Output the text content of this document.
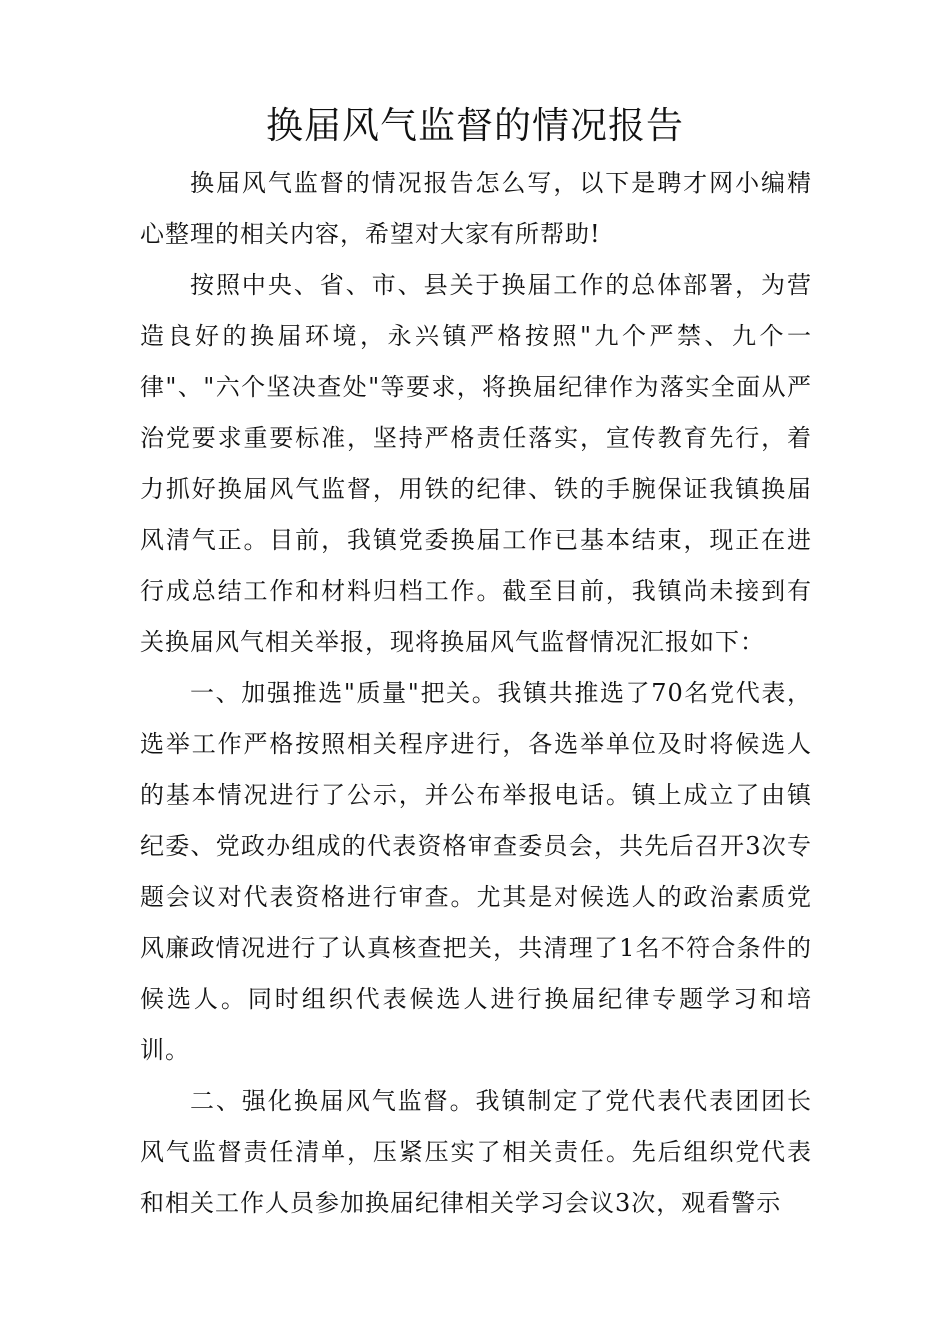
换届风气监督的情况报告

换届风气监督的情况报告怎么写，以下是聘才网小编精心整理的相关内容，希望对大家有所帮助!

按照中央、省、市、县关于换届工作的总体部署，为营造良好的换届环境，永兴镇严格按照"九个严禁、九个一律"、"六个坚决查处"等要求，将换届纪律作为落实全面从严治党要求重要标准，坚持严格责任落实，宣传教育先行，着力抓好换届风气监督，用铁的纪律、铁的手腕保证我镇换届风清气正。目前，我镇党委换届工作已基本结束，现正在进行成总结工作和材料归档工作。截至目前，我镇尚未接到有关换届风气相关举报，现将换届风气监督情况汇报如下：

一、加强推选"质量"把关。我镇共推选了70名党代表，选举工作严格按照相关程序进行，各选举单位及时将候选人的基本情况进行了公示，并公布举报电话。镇上成立了由镇纪委、党政办组成的代表资格审查委员会，共先后召开3次专题会议对代表资格进行审查。尤其是对候选人的政治素质党风廉政情况进行了认真核查把关，共清理了1名不符合条件的候选人。同时组织代表候选人进行换届纪律专题学习和培训。

二、强化换届风气监督。我镇制定了党代表代表团团长风气监督责任清单，压紧压实了相关责任。先后组织党代表和相关工作人员参加换届纪律相关学习会议3次，观看警示
